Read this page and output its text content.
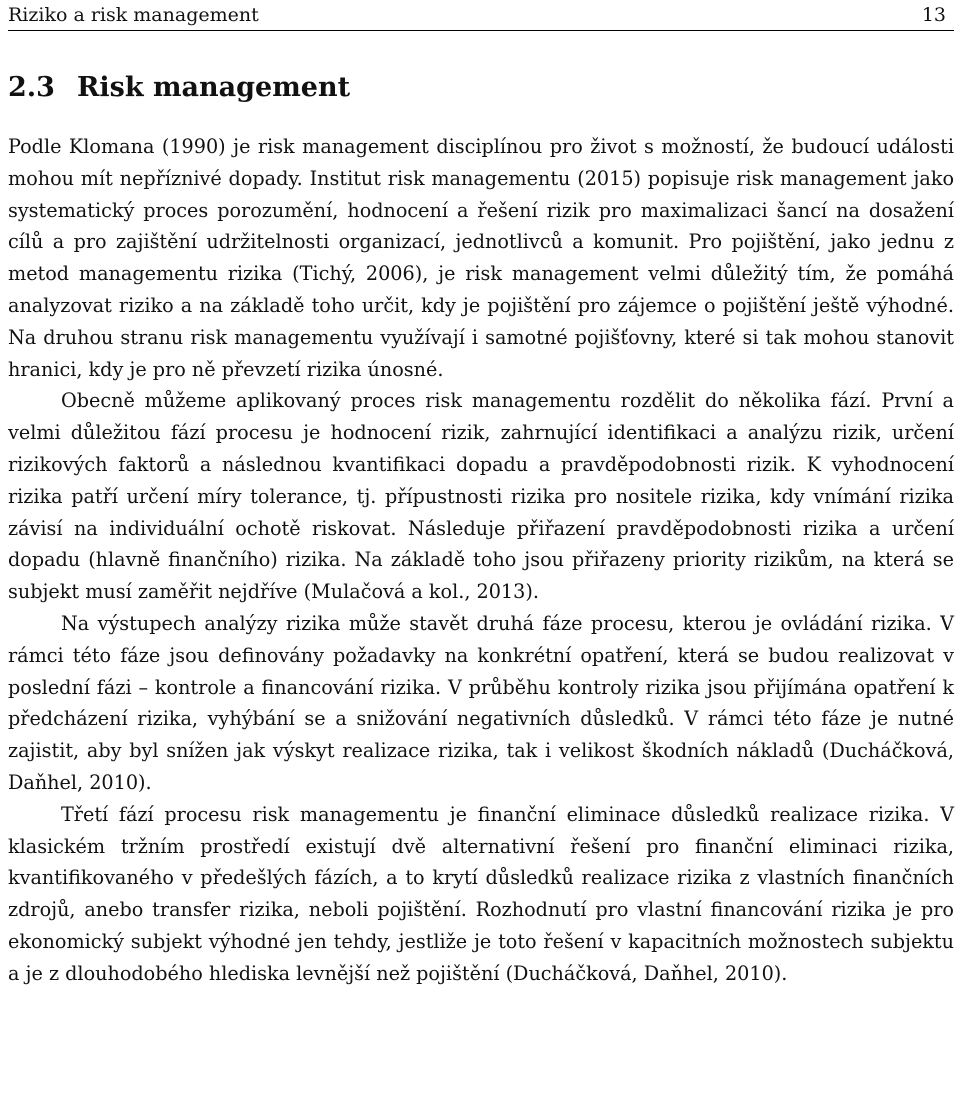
Riziko a risk management	13
2.3 Risk management

Podle Klomana (1990) je risk management disciplínou pro život s možností, že budoucí události mohou mít nepříznivé dopady. Institut risk managementu (2015) popisuje risk management jako systematický proces porozumění, hodnocení a řešení rizik pro maximalizaci šancí na dosažení cílů a pro zajištění udržitelnosti organizací, jednotlivců a komunit. Pro pojištění, jako jednu z metod managementu rizika (Tichý, 2006), je risk management velmi důležitý tím, že pomáhá analyzovat riziko a na základě toho určit, kdy je pojištění pro zájemce o pojištění ještě výhodné. Na druhou stranu risk managementu využívají i samotné pojišťovny, které si tak mohou stanovit hranici, kdy je pro ně převzetí rizika únosné.

Obecně můžeme aplikovaný proces risk managementu rozdělit do několika fází. První a velmi důležitou fází procesu je hodnocení rizik, zahrnující identifikaci a analýzu rizik, určení rizikových faktorů a následnou kvantifikaci dopadu a pravděpodobnosti rizik. K vyhodnocení rizika patří určení míry tolerance, tj. přípustnosti rizika pro nositele rizika, kdy vnímání rizika závisí na individuální ochotě riskovat. Následuje přiřazení pravděpodobnosti rizika a určení dopadu (hlavně finančního) rizika. Na základě toho jsou přiřazeny priority rizikům, na která se subjekt musí zaměřit nejdříve (Mulačová a kol., 2013).

Na výstupech analýzy rizika může stavět druhá fáze procesu, kterou je ovládání rizika. V rámci této fáze jsou definovány požadavky na konkrétní opatření, která se budou realizovat v poslední fázi – kontrole a financování rizika. V průběhu kontroly rizika jsou přijímána opatření k předcházení rizika, vyhýbání se a snižování negativních důsledků. V rámci této fáze je nutné zajistit, aby byl snížen jak výskyt realizace rizika, tak i velikost škodních nákladů (Ducháčková, Daňhel, 2010).

Třetí fází procesu risk managementu je finanční eliminace důsledků realizace rizika. V klasickém tržním prostředí existují dvě alternativní řešení pro finanční eliminaci rizika, kvantifikovaného v předešlých fázích, a to krytí důsledků realizace rizika z vlastních finančních zdrojů, anebo transfer rizika, neboli pojištění. Rozhodnutí pro vlastní financování rizika je pro ekonomický subjekt výhodné jen tehdy, jestliže je toto řešení v kapacitních možnostech subjektu a je z dlouhodobého hlediska levnější než pojištění (Ducháčková, Daňhel, 2010).
